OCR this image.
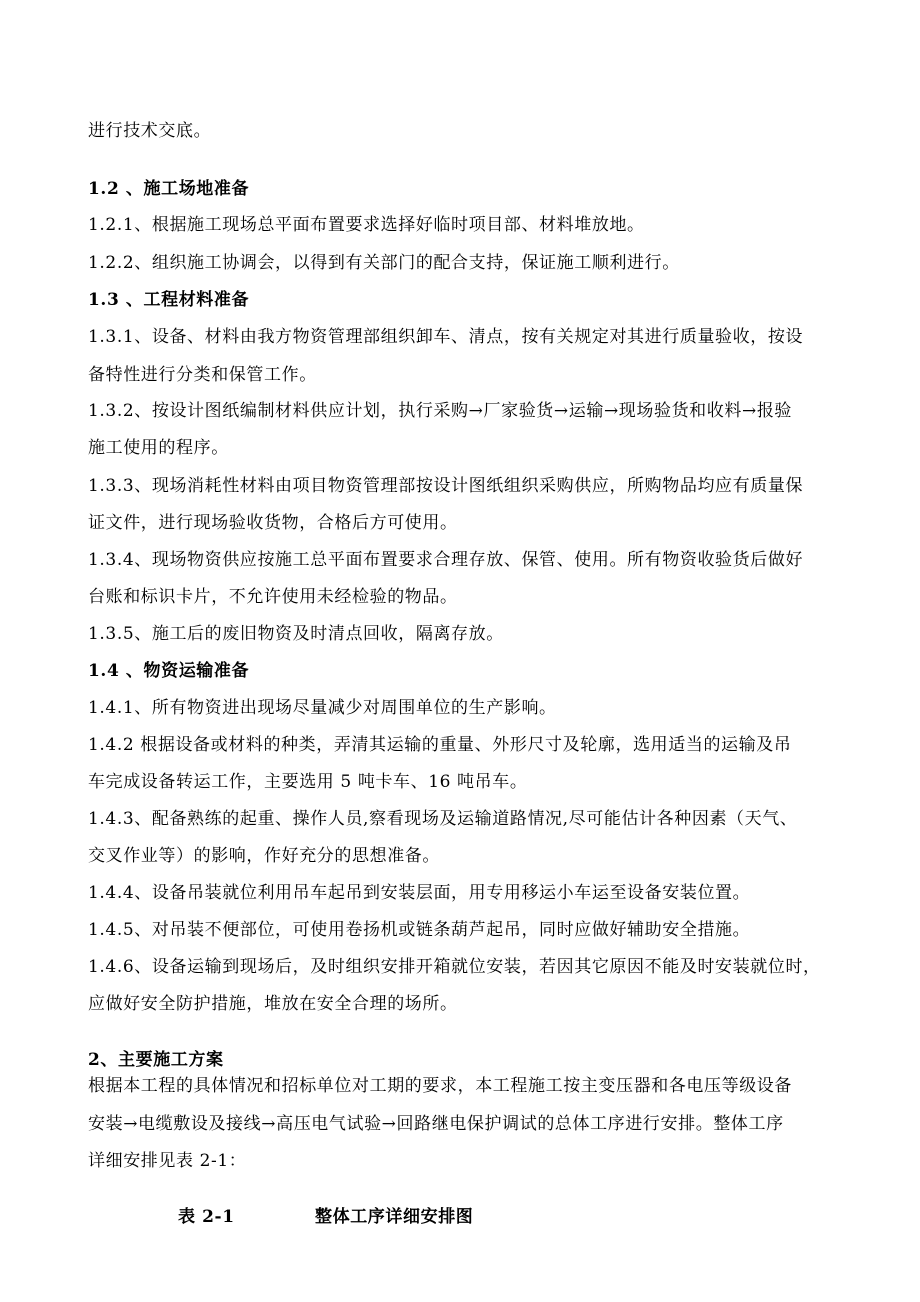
进行技术交底。
1.2 、施工场地准备
1.2.1、根据施工现场总平面布置要求选择好临时项目部、材料堆放地。
1.2.2、组织施工协调会，以得到有关部门的配合支持，保证施工顺利进行。
1.3 、工程材料准备
1.3.1、设备、材料由我方物资管理部组织卸车、清点，按有关规定对其进行质量验收，按设
备特性进行分类和保管工作。
1.3.2、按设计图纸编制材料供应计划，执行采购→厂家验货→运输→现场验货和收料→报验
施工使用的程序。
1.3.3、现场消耗性材料由项目物资管理部按设计图纸组织采购供应，所购物品均应有质量保
证文件，进行现场验收货物，合格后方可使用。
1.3.4、现场物资供应按施工总平面布置要求合理存放、保管、使用。所有物资收验货后做好
台账和标识卡片，不允许使用未经检验的物品。
1.3.5、施工后的废旧物资及时清点回收，隔离存放。
1.4 、物资运输准备
1.4.1、所有物资进出现场尽量减少对周围单位的生产影响。
1.4.2 根据设备或材料的种类，弄清其运输的重量、外形尺寸及轮廓，选用适当的运输及吊
车完成设备转运工作，主要选用 5 吨卡车、16 吨吊车。
1.4.3、配备熟练的起重、操作人员,察看现场及运输道路情况,尽可能估计各种因素（天气、
交叉作业等）的影响，作好充分的思想准备。
1.4.4、设备吊装就位利用吊车起吊到安装层面，用专用移运小车运至设备安装位置。
1.4.5、对吊装不便部位，可使用卷扬机或链条葫芦起吊，同时应做好辅助安全措施。
1.4.6、设备运输到现场后，及时组织安排开箱就位安装，若因其它原因不能及时安装就位时，
应做好安全防护措施，堆放在安全合理的场所。
2、主要施工方案
根据本工程的具体情况和招标单位对工期的要求，本工程施工按主变压器和各电压等级设备
安装→电缆敷设及接线→高压电气试验→回路继电保护调试的总体工序进行安排。整体工序
详细安排见表 2-1：
表 2-1	整体工序详细安排图
